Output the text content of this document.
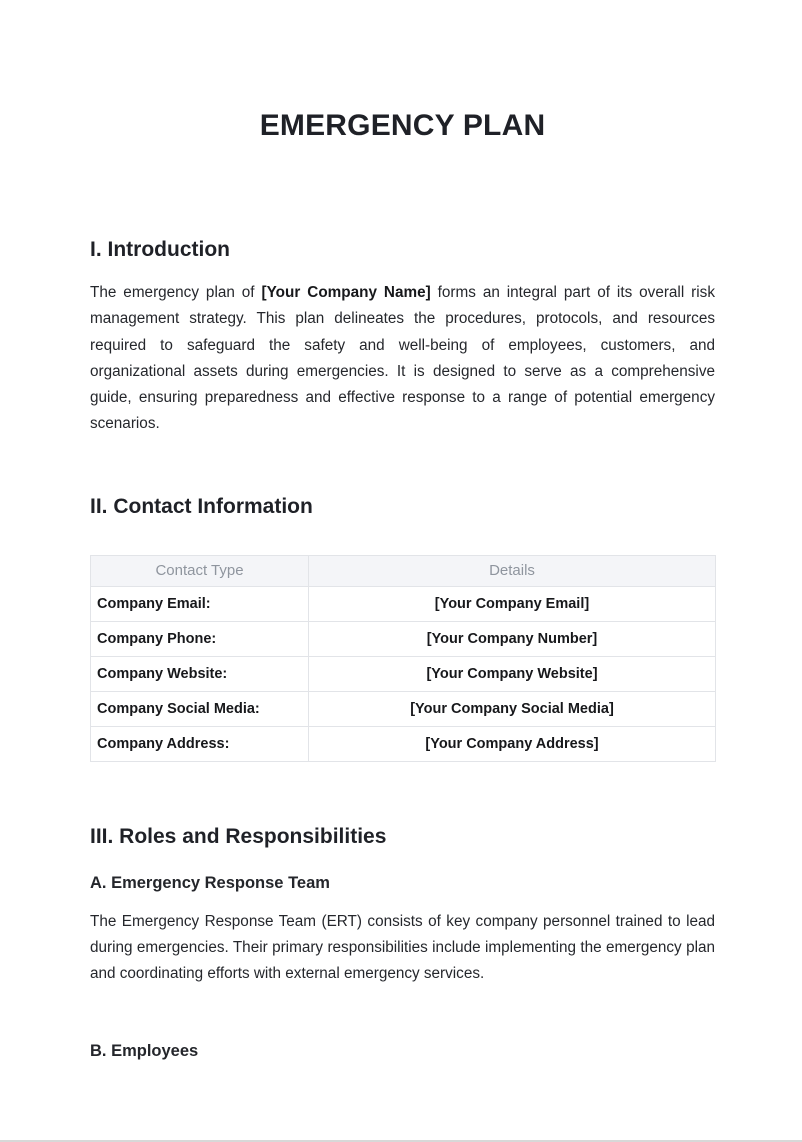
EMERGENCY PLAN
I. Introduction

The emergency plan of [Your Company Name] forms an integral part of its overall risk management strategy. This plan delineates the procedures, protocols, and resources required to safeguard the safety and well-being of employees, customers, and organizational assets during emergencies. It is designed to serve as a comprehensive guide, ensuring preparedness and effective response to a range of potential emergency scenarios.

II. Contact Information
Contact Type	Details
Company Email:	[Your Company Email]
Company Phone:	[Your Company Number]
Company Website:	[Your Company Website]
Company Social Media:	[Your Company Social Media]
Company Address:	[Your Company Address]
III. Roles and Responsibilities
A. Emergency Response Team

The Emergency Response Team (ERT) consists of key company personnel trained to lead during emergencies. Their primary responsibilities include implementing the emergency plan and coordinating efforts with external emergency services.

B. Employees
